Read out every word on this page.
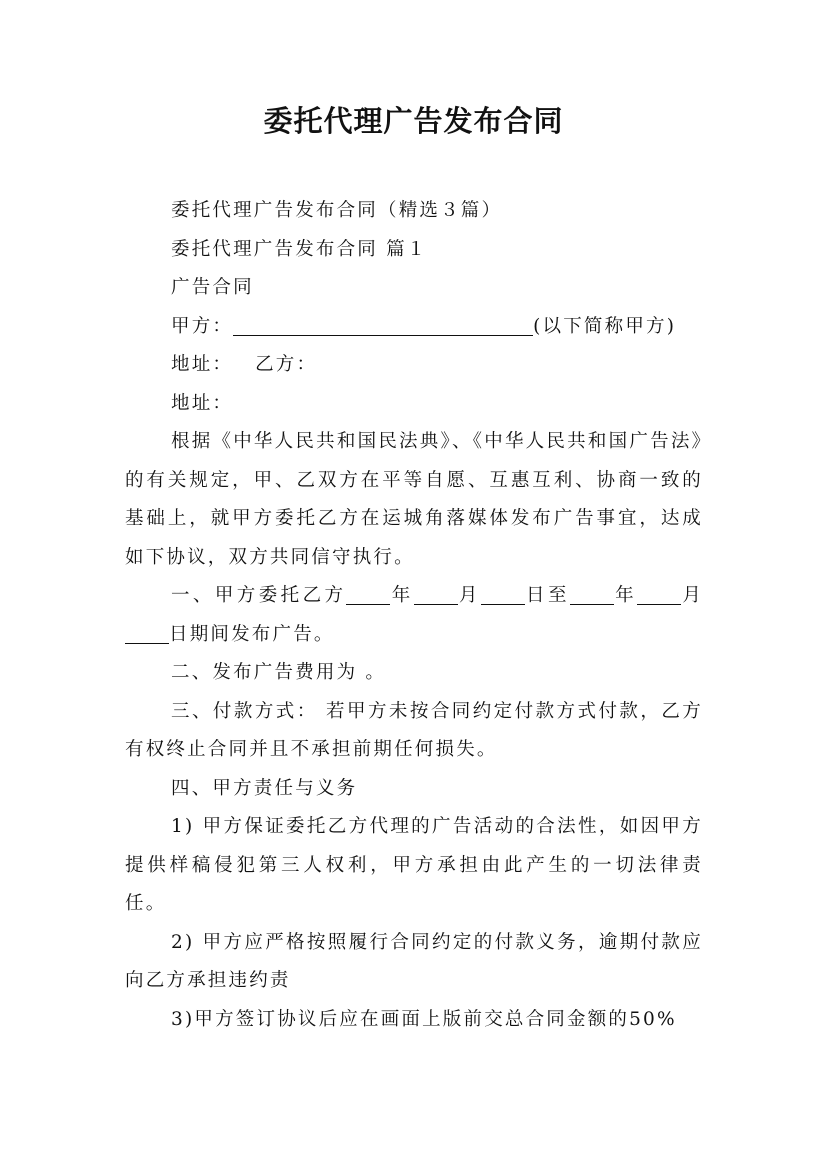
委托代理广告发布合同

委托代理广告发布合同（精选３篇）

委托代理广告发布合同 篇１

广告合同

甲方：	(以下简称甲方)

地址： 乙方：

地址：

根据《中华人民共和国民法典》、《中华人民共和国广告法》的有关规定，甲、乙双方在平等自愿、互惠互利、协商一致的基础上，就甲方委托乙方在运城角落媒体发布广告事宜，达成如下协议，双方共同信守执行。

一、甲方委托乙方 年 月 日至 年 月日期间发布广告。

二、发布广告费用为 。

三、付款方式： 若甲方未按合同约定付款方式付款，乙方有权终止合同并且不承担前期任何损失。

四、甲方责任与义务

1) 甲方保证委托乙方代理的广告活动的合法性，如因甲方提供样稿侵犯第三人权利，甲方承担由此产生的一切法律责任。

2) 甲方应严格按照履行合同约定的付款义务，逾期付款应向乙方承担违约责

3)甲方签订协议后应在画面上版前交总合同金额的50%
